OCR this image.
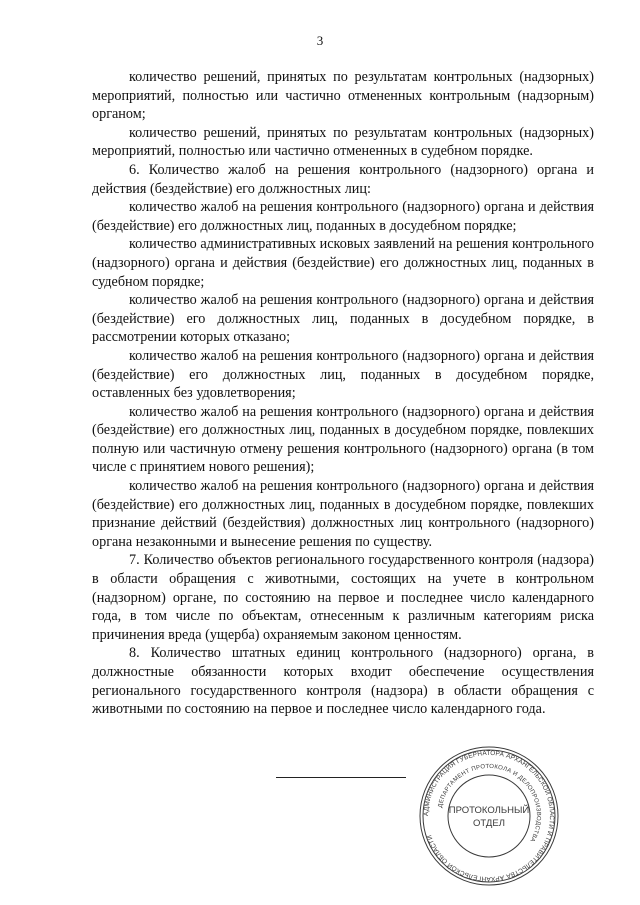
3

количество решений, принятых по результатам контрольных (надзорных) мероприятий, полностью или частично отмененных контрольным (надзорным) органом;

количество решений, принятых по результатам контрольных (надзорных) мероприятий, полностью или частично отмененных в судебном порядке.

6. Количество жалоб на решения контрольного (надзорного) органа и действия (бездействие) его должностных лиц:

количество жалоб на решения контрольного (надзорного) органа и действия (бездействие) его должностных лиц, поданных в досудебном порядке;

количество административных исковых заявлений на решения контрольного (надзорного) органа и действия (бездействие) его должностных лиц, поданных в судебном порядке;

количество жалоб на решения контрольного (надзорного) органа и действия (бездействие) его должностных лиц, поданных в досудебном порядке, в рассмотрении которых отказано;

количество жалоб на решения контрольного (надзорного) органа и действия (бездействие) его должностных лиц, поданных в досудебном порядке, оставленных без удовлетворения;

количество жалоб на решения контрольного (надзорного) органа и действия (бездействие) его должностных лиц, поданных в досудебном порядке, повлекших полную или частичную отмену решения контрольного (надзорного) органа (в том числе с принятием нового решения);

количество жалоб на решения контрольного (надзорного) органа и действия (бездействие) его должностных лиц, поданных в досудебном порядке, повлекших признание действий (бездействия) должностных лиц контрольного (надзорного) органа незаконными и вынесение решения по существу.

7. Количество объектов регионального государственного контроля (надзора) в области обращения с животными, состоящих на учете в контрольном (надзорном) органе, по состоянию на первое и последнее число календарного года, в том числе по объектам, отнесенным к различным категориям риска причинения вреда (ущерба) охраняемым законом ценностям.

8. Количество штатных единиц контрольного (надзорного) органа, в должностные обязанности которых входит обеспечение осуществления регионального государственного контроля (надзора) в области обращения с животными по состоянию на первое и последнее число календарного года.

АДМИНИСТРАЦИЯ ГУБЕРНАТОРА АРХАНГЕЛЬСКОЙ ОБЛАСТИ И ПРАВИТЕЛЬСТВА АРХАНГЕЛЬСКОЙ ОБЛАСТИ
ДЕПАРТАМЕНТ ПРОТОКОЛА И ДЕЛОПРОИЗВОДСТВА
ПРОТОКОЛЬНЫЙ
ОТДЕЛ
